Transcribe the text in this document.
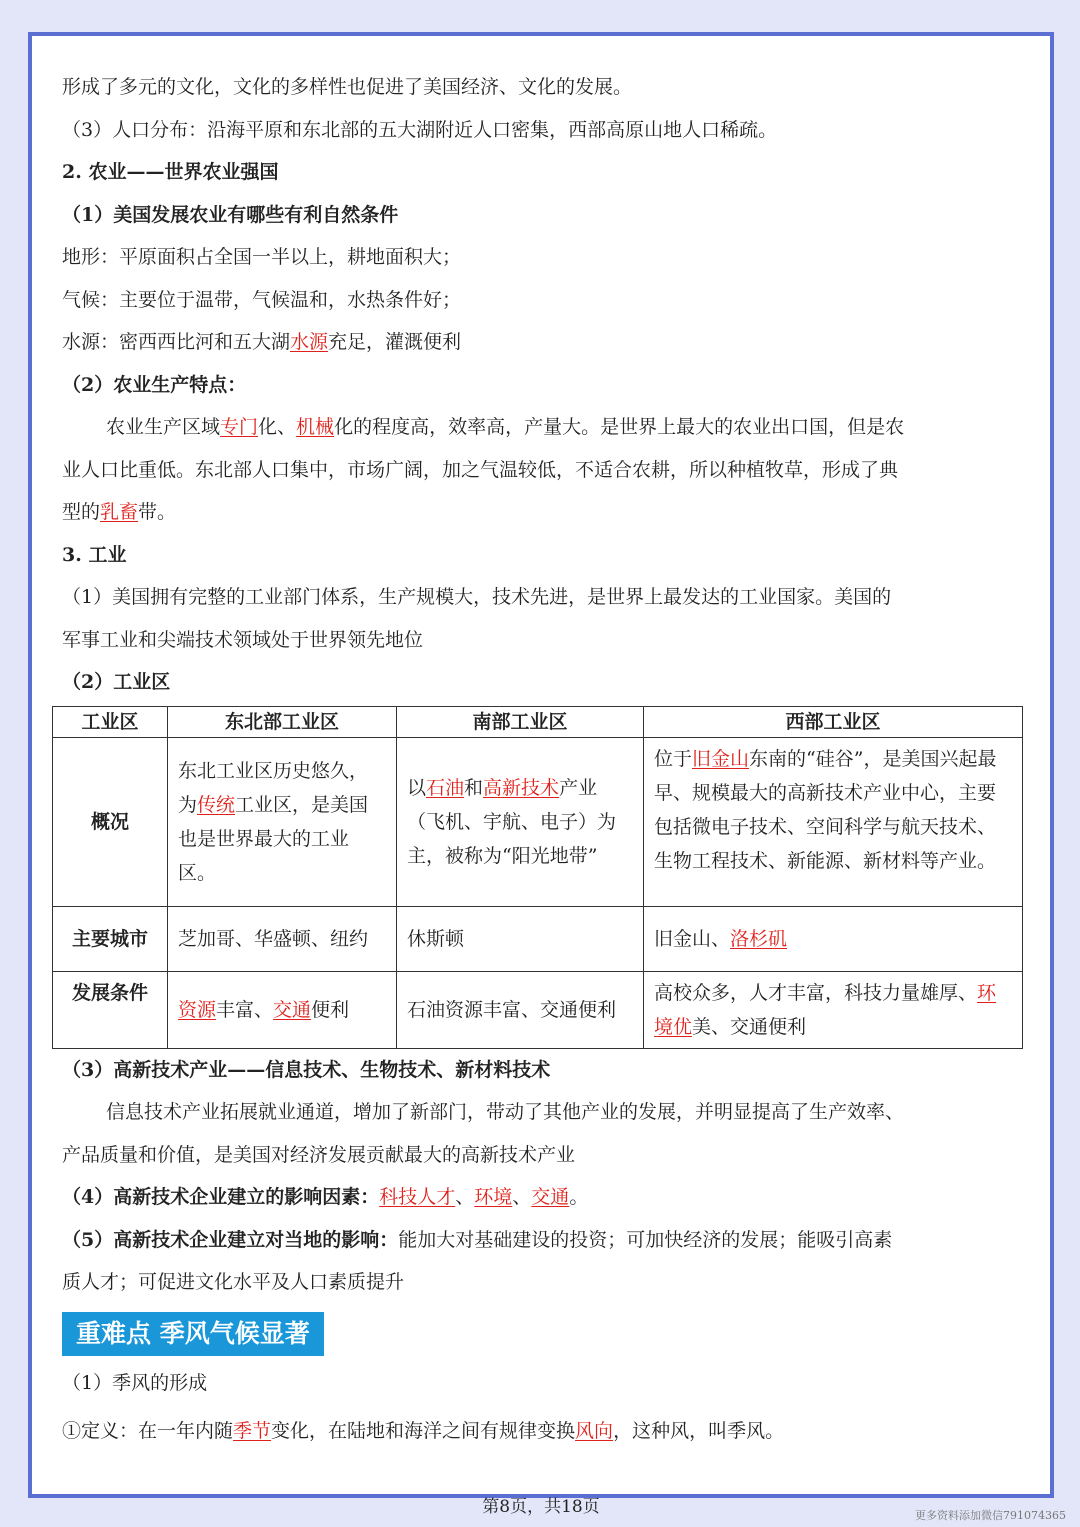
形成了多元的文化，文化的多样性也促进了美国经济、文化的发展。
（3）人口分布：沿海平原和东北部的五大湖附近人口密集，西部高原山地人口稀疏。
2. 农业——世界农业强国
（1）美国发展农业有哪些有利自然条件
地形：平原面积占全国一半以上，耕地面积大；
气候：主要位于温带，气候温和，水热条件好；
水源：密西西比河和五大湖水源充足，灌溉便利
（2）农业生产特点：
农业生产区域专门化、机械化的程度高，效率高，产量大。是世界上最大的农业出口国，但是农
业人口比重低。东北部人口集中，市场广阔，加之气温较低，不适合农耕，所以种植牧草，形成了典
型的乳畜带。
3. 工业
（1）美国拥有完整的工业部门体系，生产规模大，技术先进，是世界上最发达的工业国家。美国的
军事工业和尖端技术领域处于世界领先地位
（2）工业区
工业区	东北部工业区	南部工业区	西部工业区
概况	东北工业区历史悠久，为传统工业区，是美国也是世界最大的工业区。	以石油和高新技术产业（飞机、宇航、电子）为主，被称为“阳光地带”	位于旧金山东南的“硅谷”，是美国兴起最早、规模最大的高新技术产业中心，主要包括微电子技术、空间科学与航天技术、生物工程技术、新能源、新材料等产业。
主要城市	芝加哥、华盛顿、纽约	休斯顿	旧金山、洛杉矶
发展条件	资源丰富、交通便利	石油资源丰富、交通便利	高校众多，人才丰富，科技力量雄厚、环境优美、交通便利
（3）高新技术产业——信息技术、生物技术、新材料技术
信息技术产业拓展就业通道，增加了新部门，带动了其他产业的发展，并明显提高了生产效率、
产品质量和价值，是美国对经济发展贡献最大的高新技术产业
（4）高新技术企业建立的影响因素：科技人才、环境、交通。
（5）高新技术企业建立对当地的影响：能加大对基础建设的投资；可加快经济的发展；能吸引高素
质人才；可促进文化水平及人口素质提升
重难点 季风气候显著
（1）季风的形成
①定义：在一年内随季节变化，在陆地和海洋之间有规律变换风向，这种风，叫季风。
第8页，共18页	更多资料添加微信791074365
